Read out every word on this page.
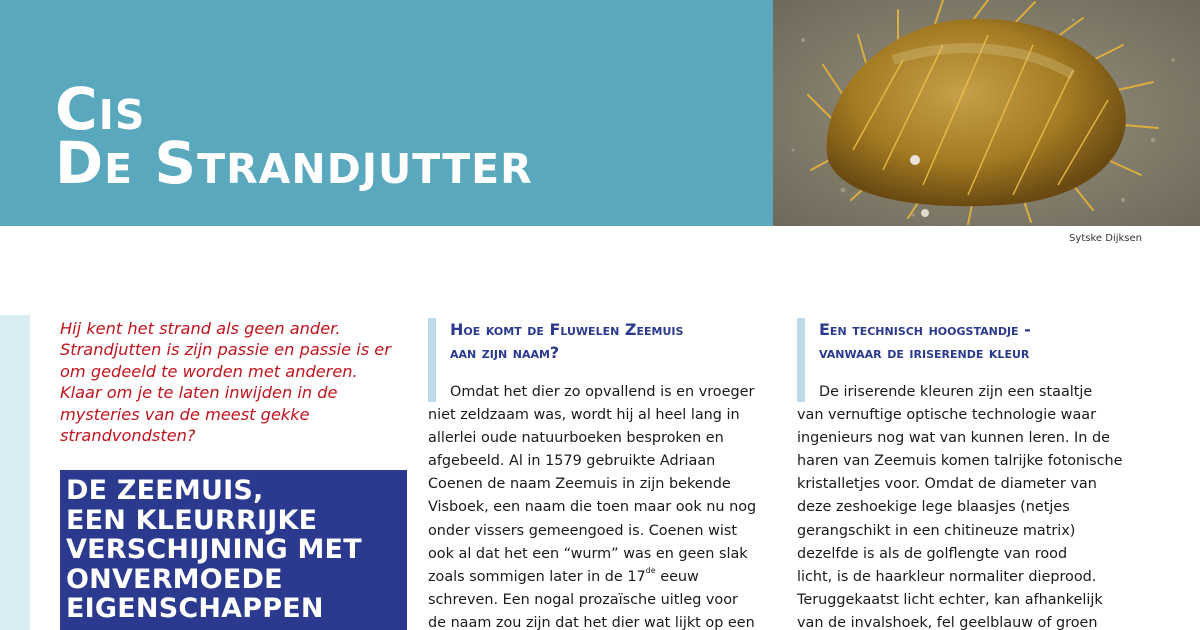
Cis
De Strandjutter
Sytske Dijksen
Hij kent het strand als geen ander.
Strandjutten is zijn passie en passie is er
om gedeeld te worden met anderen.
Klaar om je te laten inwijden in de
mysteries van de meest gekke
strandvondsten?
DE ZEEMUIS,
EEN KLEURRIJKE
VERSCHIJNING MET
ONVERMOEDE
EIGENSCHAPPEN
Hoe komt de Fluwelen Zeemuis
aan zijn naam?
Omdat het dier zo opvallend is en vroeger
niet zeldzaam was, wordt hij al heel lang in
allerlei oude natuurboeken besproken en
afgebeeld. Al in 1579 gebruikte Adriaan
Coenen de naam Zeemuis in zijn bekende
Visboek, een naam die toen maar ook nu nog
onder vissers gemeengoed is. Coenen wist
ook al dat het een “wurm” was en geen slak
zoals sommigen later in de 17de eeuw
schreven. Een nogal prozaïsche uitleg voor
de naam zou zijn dat het dier wat lijkt op een
Een technisch hoogstandje -
vanwaar de iriserende kleur
De iriserende kleuren zijn een staaltje
van vernuftige optische technologie waar
ingenieurs nog wat van kunnen leren. In de
haren van Zeemuis komen talrijke fotonische
kristalletjes voor. Omdat de diameter van
deze zeshoekige lege blaasjes (netjes
gerangschikt in een chitineuze matrix)
dezelfde is als de golflengte van rood
licht, is de haarkleur normaliter dieprood.
Teruggekaatst licht echter, kan afhankelijk
van de invalshoek, fel geelblauw of groen
